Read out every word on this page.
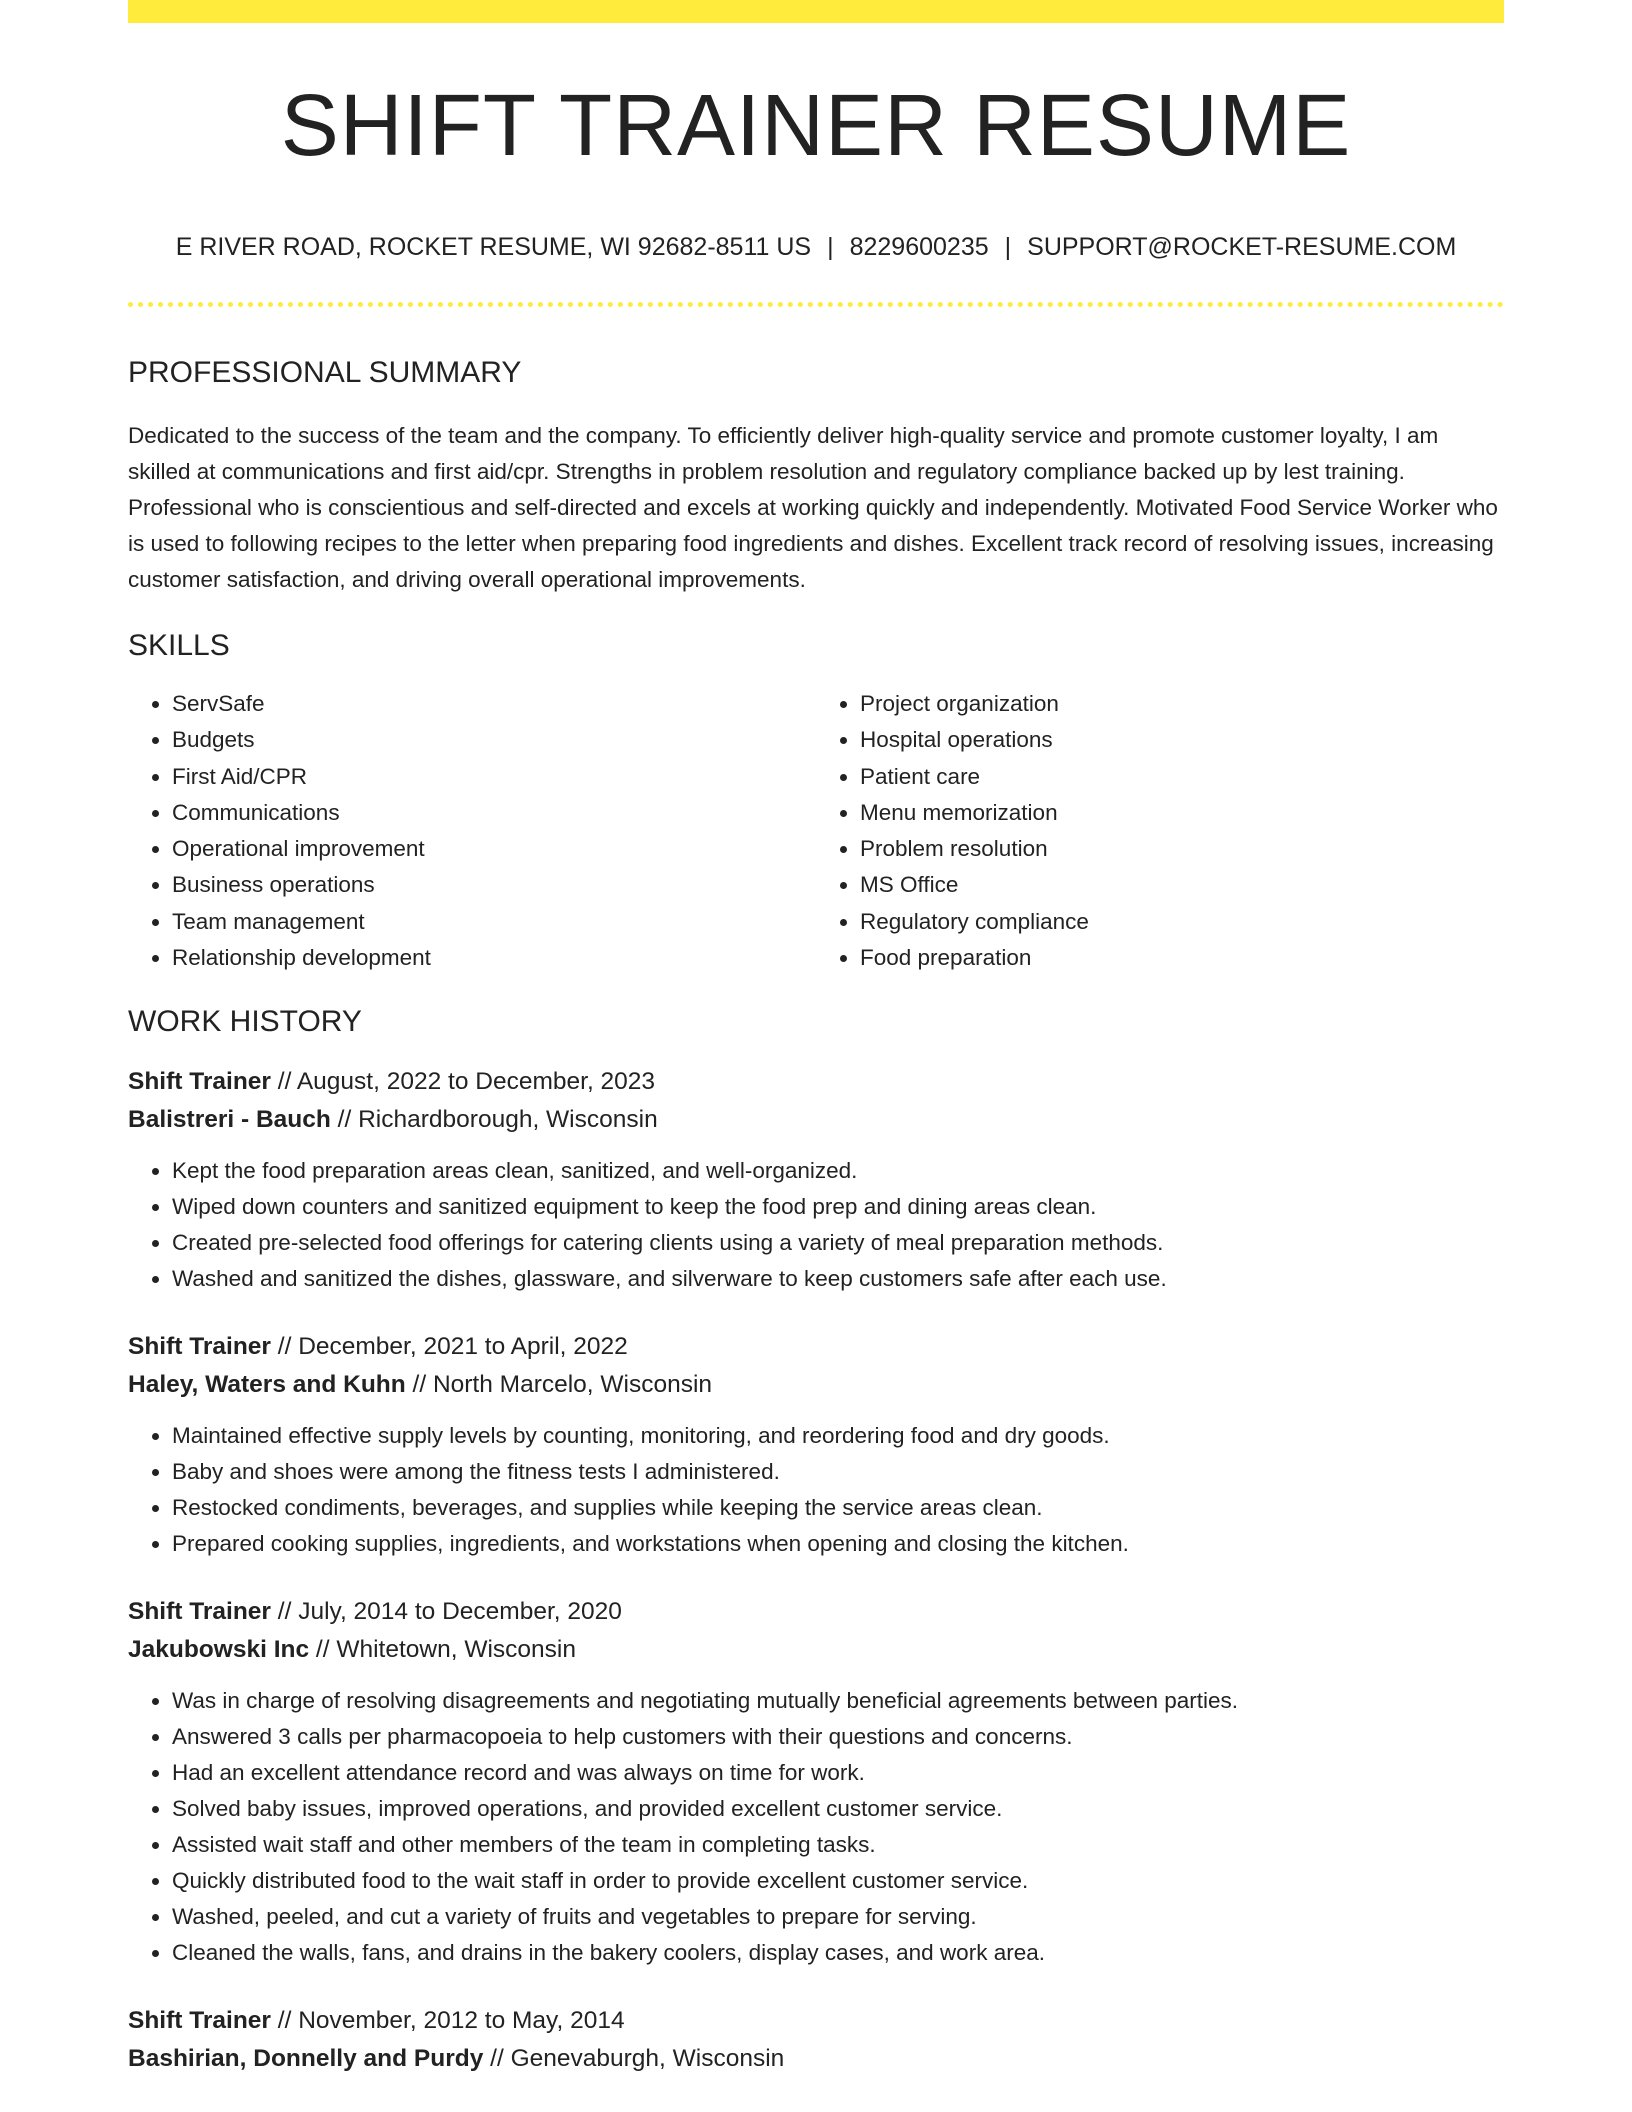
SHIFT TRAINER RESUME
E RIVER ROAD, ROCKET RESUME, WI 92682-8511 US | 8229600235 | SUPPORT@ROCKET-RESUME.COM
PROFESSIONAL SUMMARY

Dedicated to the success of the team and the company. To efficiently deliver high-quality service and promote customer loyalty, I am skilled at communications and first aid/cpr. Strengths in problem resolution and regulatory compliance backed up by lest training. Professional who is conscientious and self-directed and excels at working quickly and independently. Motivated Food Service Worker who is used to following recipes to the letter when preparing food ingredients and dishes. Excellent track record of resolving issues, increasing customer satisfaction, and driving overall operational improvements.

SKILLS
• ServSafe
• Budgets
• First Aid/CPR
• Communications
• Operational improvement
• Business operations
• Team management
• Relationship development
• Project organization
• Hospital operations
• Patient care
• Menu memorization
• Problem resolution
• MS Office
• Regulatory compliance
• Food preparation
WORK HISTORY
Shift Trainer // August, 2022 to December, 2023
Balistreri - Bauch // Richardborough, Wisconsin
• Kept the food preparation areas clean, sanitized, and well-organized.
• Wiped down counters and sanitized equipment to keep the food prep and dining areas clean.
• Created pre-selected food offerings for catering clients using a variety of meal preparation methods.
• Washed and sanitized the dishes, glassware, and silverware to keep customers safe after each use.
Shift Trainer // December, 2021 to April, 2022
Haley, Waters and Kuhn // North Marcelo, Wisconsin
• Maintained effective supply levels by counting, monitoring, and reordering food and dry goods.
• Baby and shoes were among the fitness tests I administered.
• Restocked condiments, beverages, and supplies while keeping the service areas clean.
• Prepared cooking supplies, ingredients, and workstations when opening and closing the kitchen.
Shift Trainer // July, 2014 to December, 2020
Jakubowski Inc // Whitetown, Wisconsin
• Was in charge of resolving disagreements and negotiating mutually beneficial agreements between parties.
• Answered 3 calls per pharmacopoeia to help customers with their questions and concerns.
• Had an excellent attendance record and was always on time for work.
• Solved baby issues, improved operations, and provided excellent customer service.
• Assisted wait staff and other members of the team in completing tasks.
• Quickly distributed food to the wait staff in order to provide excellent customer service.
• Washed, peeled, and cut a variety of fruits and vegetables to prepare for serving.
• Cleaned the walls, fans, and drains in the bakery coolers, display cases, and work area.
Shift Trainer // November, 2012 to May, 2014
Bashirian, Donnelly and Purdy // Genevaburgh, Wisconsin
